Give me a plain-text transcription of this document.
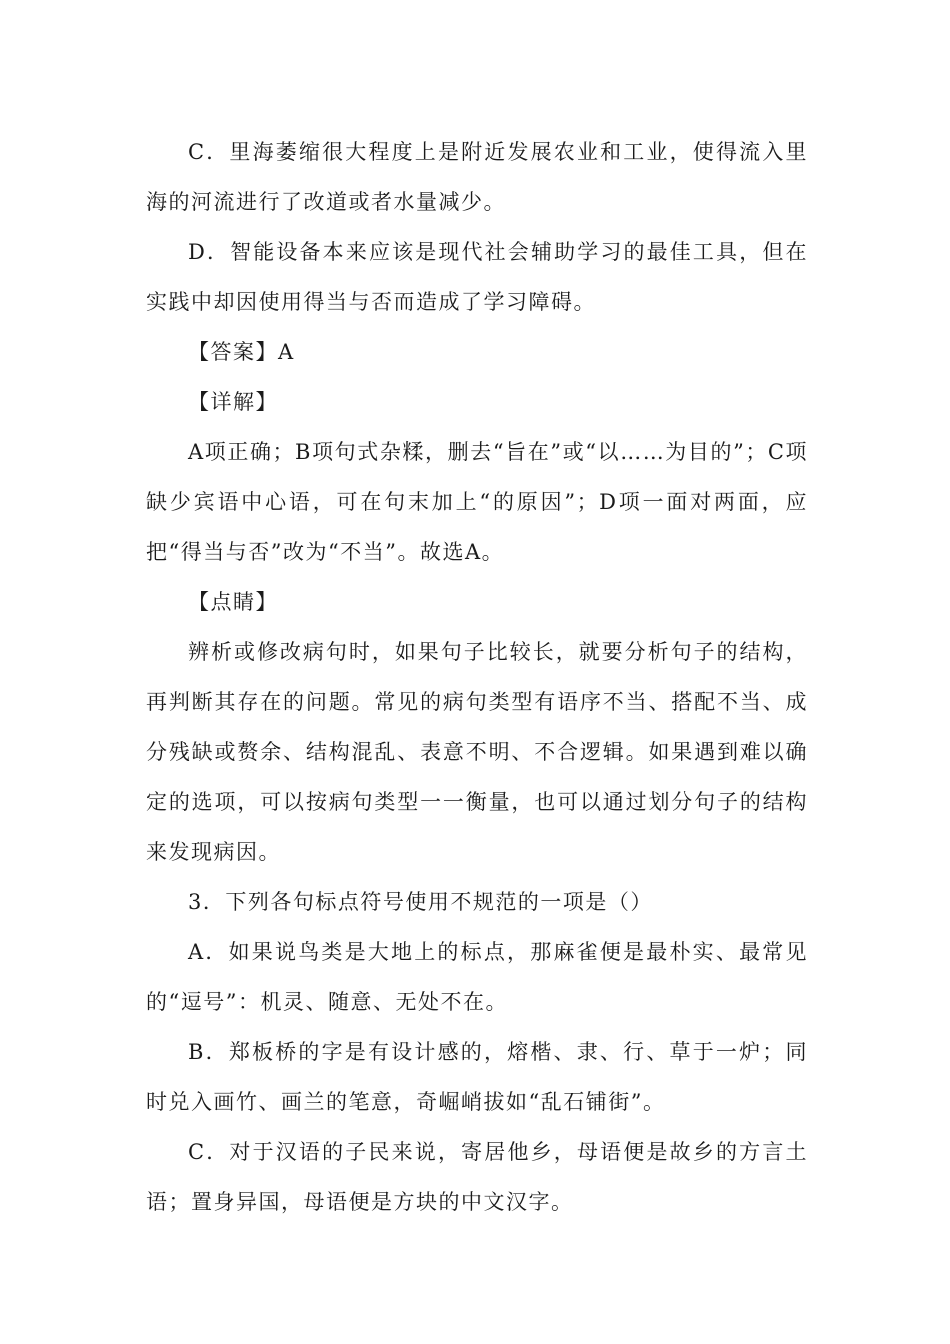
C．里海萎缩很大程度上是附近发展农业和工业，使得流入里海的河流进行了改道或者水量减少。

D．智能设备本来应该是现代社会辅助学习的最佳工具，但在实践中却因使用得当与否而造成了学习障碍。

【答案】A

【详解】

A项正确；B项句式杂糅，删去“旨在”或“以……为目的”；C项缺少宾语中心语，可在句末加上“的原因”；D项一面对两面，应把“得当与否”改为“不当”。故选A。

【点睛】

辨析或修改病句时，如果句子比较长，就要分析句子的结构，再判断其存在的问题。常见的病句类型有语序不当、搭配不当、成分残缺或赘余、结构混乱、表意不明、不合逻辑。如果遇到难以确定的选项，可以按病句类型一一衡量，也可以通过划分句子的结构来发现病因。

3．下列各句标点符号使用不规范的一项是（）

A．如果说鸟类是大地上的标点，那麻雀便是最朴实、最常见的“逗号”：机灵、随意、无处不在。

B．郑板桥的字是有设计感的，熔楷、隶、行、草于一炉；同时兑入画竹、画兰的笔意，奇崛峭拔如“乱石铺街”。

C．对于汉语的子民来说，寄居他乡，母语便是故乡的方言土语；置身异国，母语便是方块的中文汉字。
